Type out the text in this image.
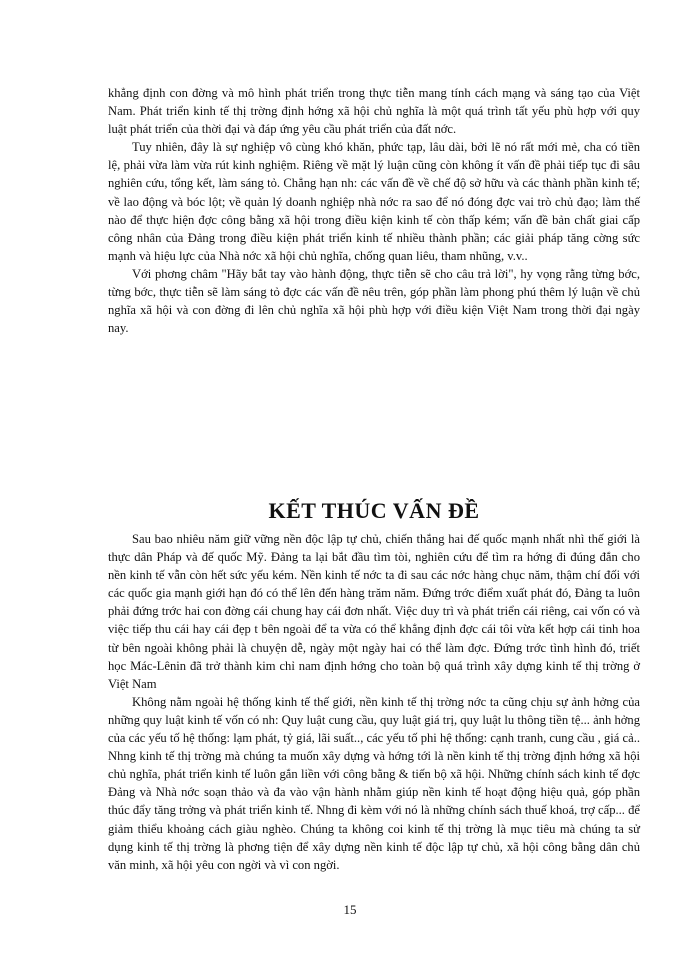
khẳng định con đờng và mô hình phát triển trong thực tiễn mang tính cách mạng và sáng tạo của Việt Nam. Phát triển kinh tế thị trờng định hớng xã hội chủ nghĩa là một quá trình tất yếu phù hợp với quy luật phát triển của thời đại và đáp ứng yêu cầu phát triển của đất nớc.

Tuy nhiên, đây là sự nghiệp vô cùng khó khăn, phức tạp, lâu dài, bởi lẽ nó rất mới mẻ, cha có tiền lệ, phải vừa làm vừa rút kinh nghiệm. Riêng về mặt lý luận cũng còn không ít vấn đề phải tiếp tục đi sâu nghiên cứu, tổng kết, làm sáng tỏ. Chẳng hạn nh: các vấn đề về chế độ sở hữu và các thành phần kinh tế; về lao động và bóc lột; về quản lý doanh nghiệp nhà nớc ra sao để nó đóng đợc vai trò chủ đạo; làm thế nào để thực hiện đợc công bằng xã hội trong điều kiện kinh tế còn thấp kém; vấn đề bản chất giai cấp công nhân của Đảng trong điều kiện phát triển kinh tế nhiều thành phần; các giải pháp tăng cờng sức mạnh và hiệu lực của Nhà nớc xã hội chủ nghĩa, chống quan liêu, tham nhũng, v.v..

Với phơng châm "Hãy bắt tay vào hành động, thực tiễn sẽ cho câu trả lời", hy vọng rằng từng bớc, từng bớc, thực tiễn sẽ làm sáng tỏ đợc các vấn đề nêu trên, góp phần làm phong phú thêm lý luận về chủ nghĩa xã hội và con đờng đi lên chủ nghĩa xã hội phù hợp với điều kiện Việt Nam trong thời đại ngày nay.

KẾT THÚC VẤN ĐỀ

Sau bao nhiêu năm giữ vững nền độc lập tự chủ, chiến thắng hai đế quốc mạnh nhất nhì thế giới là thực dân Pháp và đế quốc Mỹ. Đảng ta lại bắt đầu tìm tòi, nghiên cứu để tìm ra hớng đi đúng đắn cho nền kinh tế vẫn còn hết sức yếu kém. Nền kinh tế nớc ta đi sau các nớc hàng chục năm, thậm chí đối với các quốc gia mạnh giới hạn đó có thể lên đến hàng trăm năm. Đứng trớc điểm xuất phát đó, Đảng ta luôn phải đứng trớc hai con đờng cái chung hay cái đơn nhất. Việc duy trì và phát triển cái riêng, cai vốn có và việc tiếp thu cái hay cái đẹp t bên ngoài để ta vừa có thể khẳng định đợc cái tôi vừa kết hợp cái tinh hoa từ bên ngoài không phải là chuyện dễ, ngày một ngày hai có thể làm đợc. Đứng trớc tình hình đó, triết học Mác-Lênin đã trở thành kim chỉ nam định hớng cho toàn bộ quá trình xây dựng kinh tế thị trờng ở Việt Nam

Không nằm ngoài hệ thống kinh tế thế giới, nền kinh tế thị trờng nớc ta cũng chịu sự ảnh hởng của những quy luật kinh tế vốn có nh: Quy luật cung cầu, quy luật giá trị, quy luật lu thông tiền tệ... ảnh hởng của các yếu tố hệ thống: lạm phát, tỷ giá, lãi suất.., các yếu tố phi hệ thống: cạnh tranh, cung cầu , giá cả.. Nhng kinh tế thị trờng mà chúng ta muốn xây dựng và hớng tới là nền kinh tế thị trờng định hớng xã hội chủ nghĩa, phát triển kinh tế luôn gắn liền với công bằng & tiến bộ xã hội. Những chính sách kinh tế đợc Đảng và Nhà nớc soạn thảo và đa vào vận hành nhằm giúp nền kinh tế hoạt động hiệu quả, góp phần thúc đẩy tăng trởng và phát triển kinh tế. Nhng đi kèm với nó là những chính sách thuế khoá, trợ cấp... để giảm thiểu khoảng cách giàu nghèo. Chúng ta không coi kinh tế thị trờng là mục tiêu mà chúng ta sử dụng kinh tế thị trờng là phơng tiện để xây dựng nền kinh tế độc lập tự chủ, xã hội công bằng dân chủ văn minh, xã hội yêu con ngời và vì con ngời.

15
